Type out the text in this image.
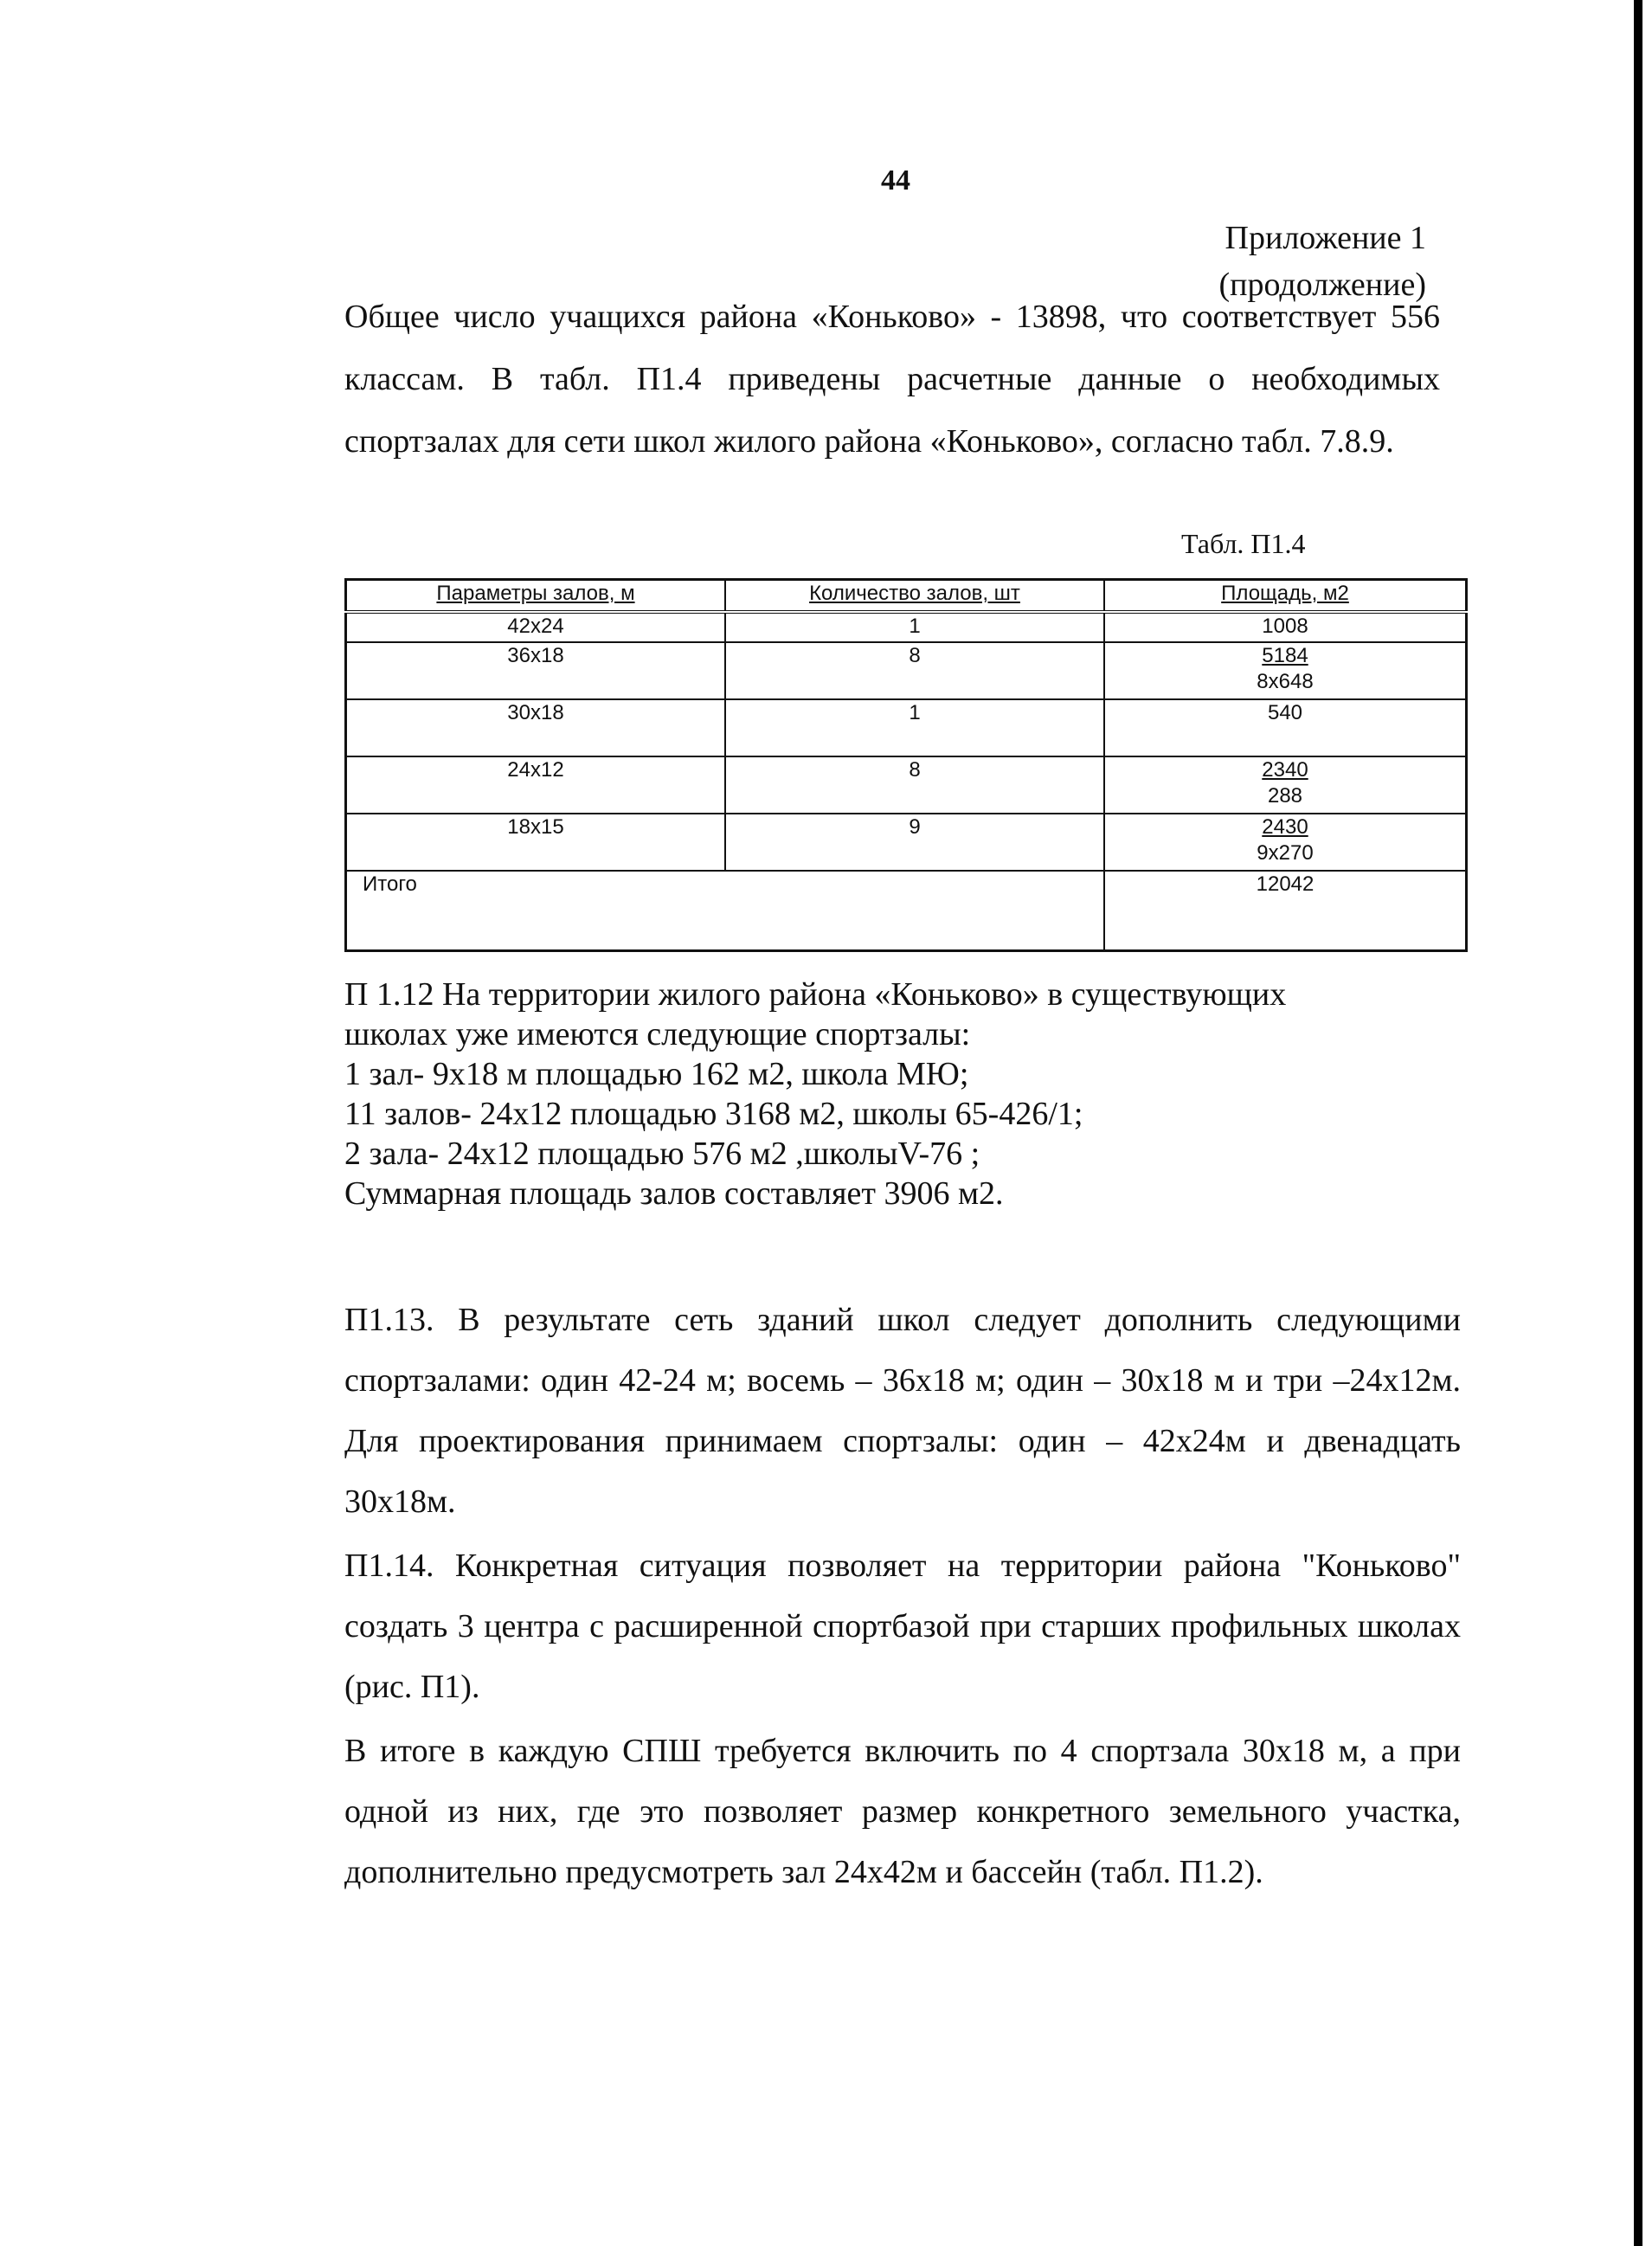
44
Приложение 1
(продолжение)

Общее число учащихся района «Коньково» - 13898, что соответствует 556 классам. В табл. П1.4 приведены расчетные данные о необходимых спортзалах для сети школ жилого района «Коньково», согласно табл. 7.8.9.

Табл. П1.4
Параметры залов, м	Количество залов, шт	Площадь, м2
42x24	1	1008

36x18	8	5184
8x648

30x18	1	540

24x12	8	2340
288

18x15	9	2430
9x270

Итого		12042
П 1.12 На территории жилого района «Коньково» в существующих
школах уже имеются следующие спортзалы:
1 зал- 9x18 м площадью 162 м2, школа МЮ;
11 залов- 24x12 площадью 3168 м2, школы 65-426/1;
2 зала- 24x12 площадью 576 м2 ,школыV-76 ;
Суммарная площадь залов составляет 3906 м2.

П1.13. В результате сеть зданий школ следует дополнить следующими спортзалами: один 42-24 м; восемь – 36x18 м; один – 30x18 м и три –24x12м. Для проектирования принимаем спортзалы: один – 42x24м и двенадцать 30x18м.

П1.14. Конкретная ситуация позволяет на территории района "Коньково" создать 3 центра с расширенной спортбазой при старших профильных школах (рис. П1).

В итоге в каждую СПШ требуется включить по 4 спортзала 30x18 м, а при одной из них, где это позволяет размер конкретного земельного участка, дополнительно предусмотреть зал 24x42м и бассейн (табл. П1.2).
